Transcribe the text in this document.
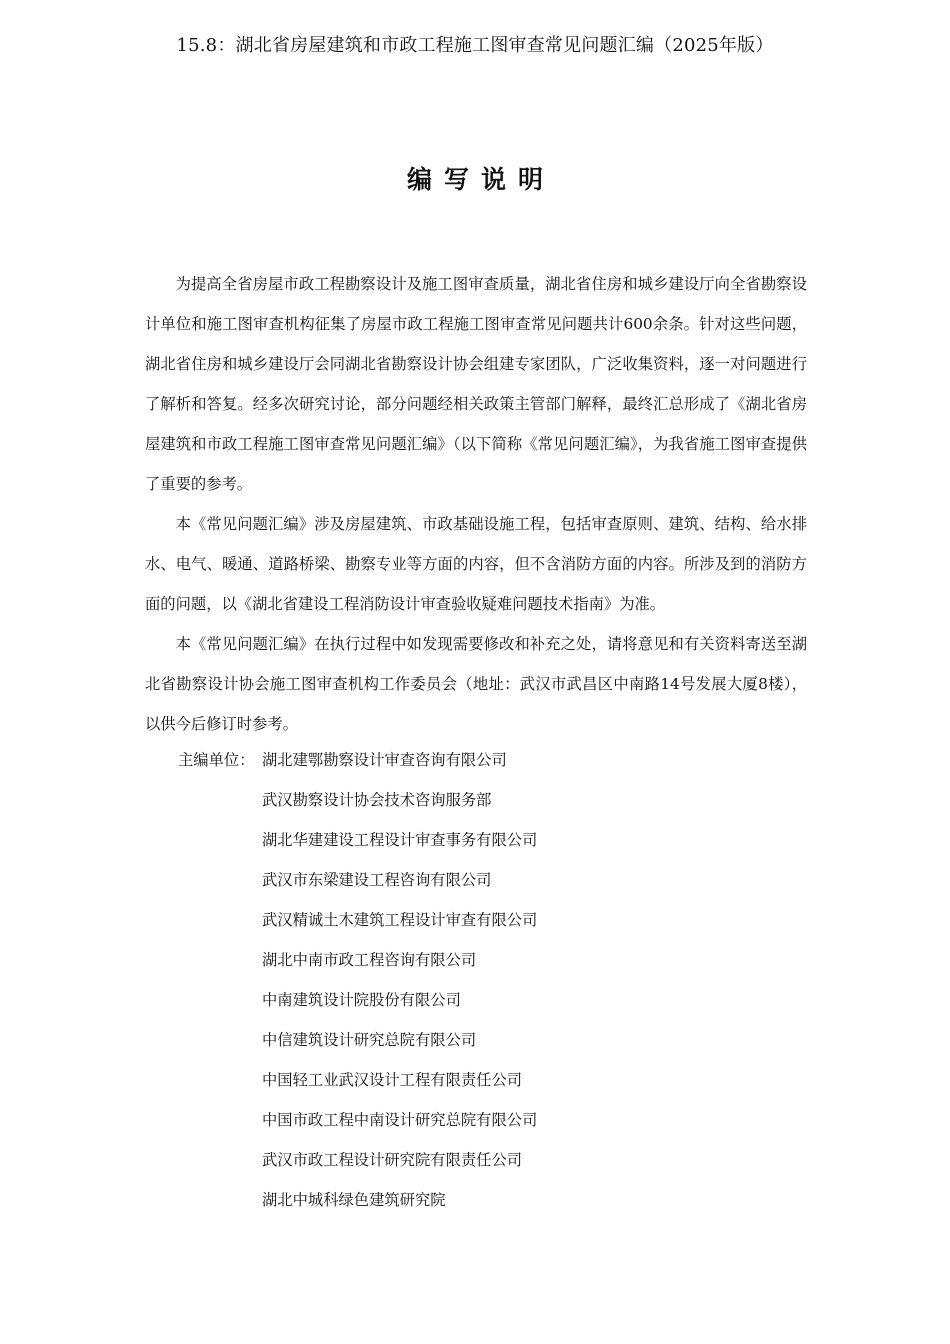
15.8：湖北省房屋建筑和市政工程施工图审查常见问题汇编（2025年版）
编写说明

为提高全省房屋市政工程勘察设计及施工图审查质量，湖北省住房和城乡建设厅向全省勘察设计单位和施工图审查机构征集了房屋市政工程施工图审查常见问题共计600余条。针对这些问题，湖北省住房和城乡建设厅会同湖北省勘察设计协会组建专家团队，广泛收集资料，逐一对问题进行了解析和答复。经多次研究讨论，部分问题经相关政策主管部门解释，最终汇总形成了《湖北省房屋建筑和市政工程施工图审查常见问题汇编》（以下简称《常见问题汇编》，为我省施工图审查提供了重要的参考。

本《常见问题汇编》涉及房屋建筑、市政基础设施工程，包括审查原则、建筑、结构、给水排水、电气、暖通、道路桥梁、勘察专业等方面的内容，但不含消防方面的内容。所涉及到的消防方面的问题，以《湖北省建设工程消防设计审查验收疑难问题技术指南》为准。

本《常见问题汇编》在执行过程中如发现需要修改和补充之处，请将意见和有关资料寄送至湖北省勘察设计协会施工图审查机构工作委员会（地址：武汉市武昌区中南路14号发展大厦8楼），以供今后修订时参考。

主编单位： 湖北建鄂勘察设计审查咨询有限公司
武汉勘察设计协会技术咨询服务部
湖北华建建设工程设计审查事务有限公司
武汉市东梁建设工程咨询有限公司
武汉精诚土木建筑工程设计审查有限公司
湖北中南市政工程咨询有限公司
中南建筑设计院股份有限公司
中信建筑设计研究总院有限公司
中国轻工业武汉设计工程有限责任公司
中国市政工程中南设计研究总院有限公司
武汉市政工程设计研究院有限责任公司
湖北中城科绿色建筑研究院
